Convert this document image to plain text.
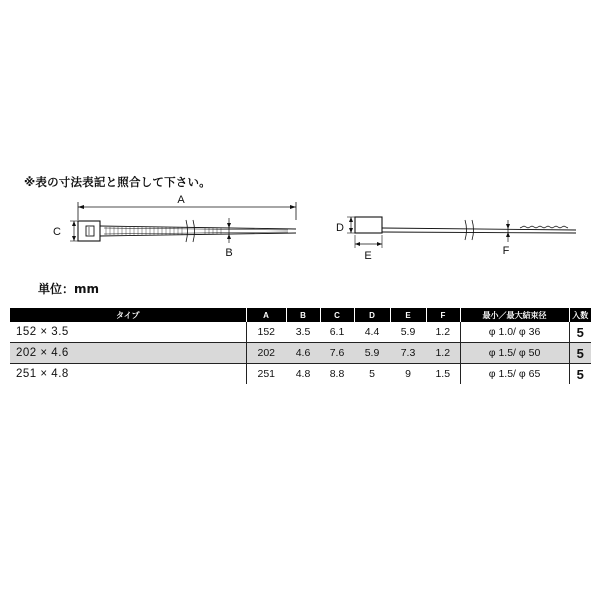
※表の寸法表記と照合して下さい。
A
C
B
D
E	F
単位：mm
タイプ	A	B	C	D	E	F	最小／最大結束径	入数
152 × 3.5	152	3.5	6.1	4.4	5.9	1.2	φ 1.0/ φ 36	5
202 × 4.6	202	4.6	7.6	5.9	7.3	1.2	φ 1.5/ φ 50	5
251 × 4.8	251	4.8	8.8	5	9	1.5	φ 1.5/ φ 65	5
